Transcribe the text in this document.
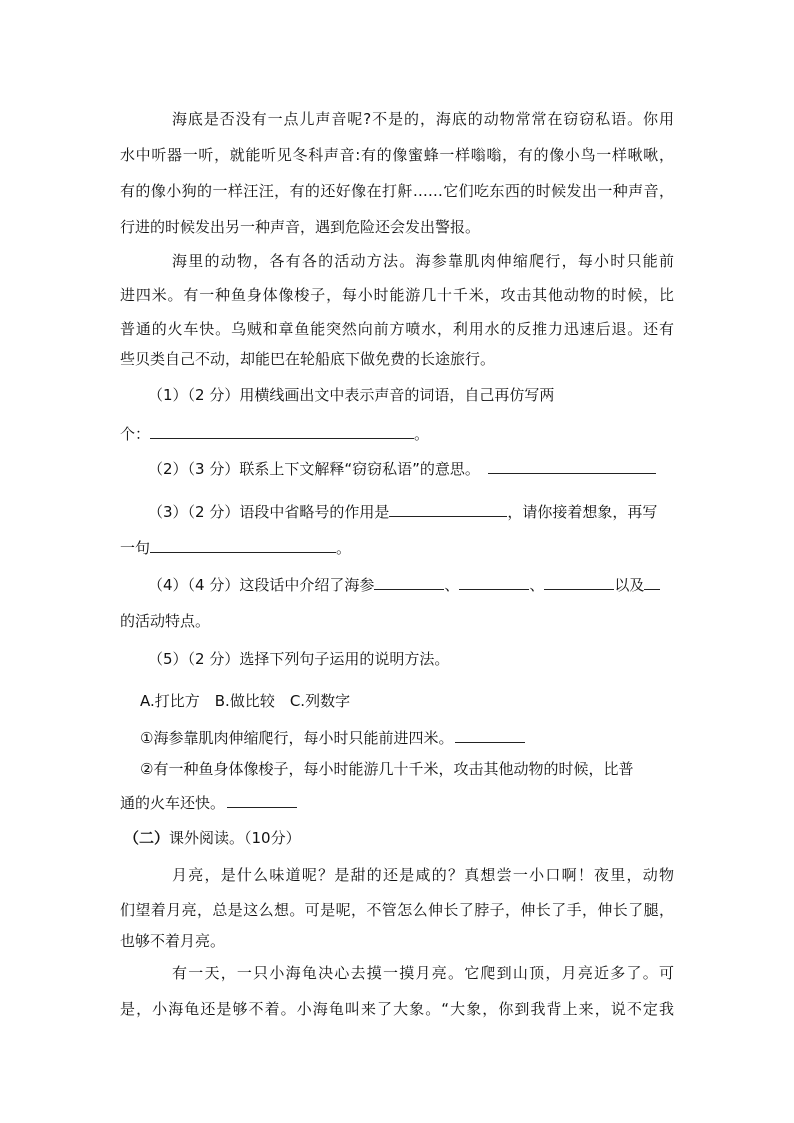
海底是否没有一点儿声音呢?不是的，海底的动物常常在窃窃私语。你用
水中听器一听，就能听见冬科声音:有的像蜜蜂一样嗡嗡，有的像小鸟一样啾啾，
有的像小狗的一样汪汪，有的还好像在打鼾……它们吃东西的时候发出一种声音，
行进的时候发出另一种声音，遇到危险还会发出警报。
海里的动物，各有各的活动方法。海参靠肌肉伸缩爬行，每小时只能前
进四米。有一种鱼身体像梭子，每小时能游几十千米，攻击其他动物的时候，比
普通的火车快。乌贼和章鱼能突然向前方喷水，利用水的反推力迅速后退。还有
些贝类自己不动，却能巴在轮船底下做免费的长途旅行。
（1）（2 分）用横线画出文中表示声音的词语，自己再仿写两
个：	。
（2）（3 分）联系上下文解释“窃窃私语”的意思。
（3）（2 分）语段中省略号的作用是	，请你接着想象，再写
一句	。
（4）（4 分）这段话中介绍了海参	、	、	以及
的活动特点。
（5）（2 分）选择下列句子运用的说明方法。
A.打比方　B.做比较　C.列数字
①海参靠肌肉伸缩爬行，每小时只能前进四米。
②有一种鱼身体像梭子，每小时能游几十千米，攻击其他动物的时候，比普
通的火车还快。
（二）课外阅读。（10分）
月亮，是什么味道呢？是甜的还是咸的？真想尝一小口啊！夜里，动物
们望着月亮，总是这么想。可是呢，不管怎么伸长了脖子，伸长了手，伸长了腿，
也够不着月亮。
有一天，一只小海龟决心去摸一摸月亮。它爬到山顶，月亮近多了。可
是，小海龟还是够不着。小海龟叫来了大象。“大象，你到我背上来，说不定我
